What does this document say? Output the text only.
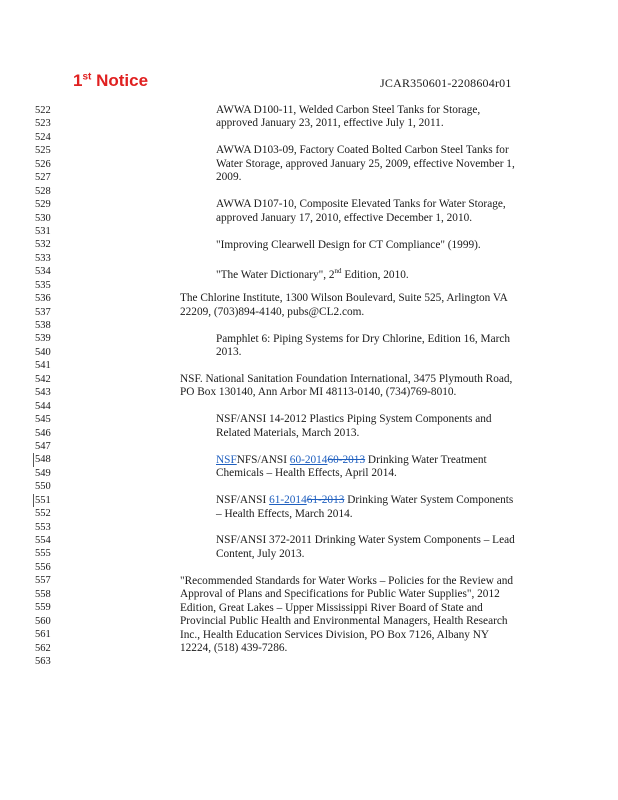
1st Notice	JCAR350601-2208604r01
522
523
524
525
526
527
528
529
530
531
532
533
534
535
536
537
538
539
540
541
542
543
544
545
546
547
548
549
550
551
552
553
554
555
556
557
558
559
560
561
562
563
AWWA D100-11, Welded Carbon Steel Tanks for Storage,
approved January 23, 2011, effective July 1, 2011.
AWWA D103-09, Factory Coated Bolted Carbon Steel Tanks for
Water Storage, approved January 25, 2009, effective November 1,
2009.
AWWA D107-10, Composite Elevated Tanks for Water Storage,
approved January 17, 2010, effective December 1, 2010.
"Improving Clearwell Design for CT Compliance" (1999).
"The Water Dictionary", 2nd Edition, 2010.
The Chlorine Institute, 1300 Wilson Boulevard, Suite 525, Arlington VA
22209, (703)894-4140, pubs@CL2.com.
Pamphlet 6: Piping Systems for Dry Chlorine, Edition 16, March
2013.
NSF. National Sanitation Foundation International, 3475 Plymouth Road,
PO Box 130140, Ann Arbor MI 48113-0140, (734)769-8010.
NSF/ANSI 14-2012 Plastics Piping System Components and
Related Materials, March 2013.
NSFNFS/ANSI 60-201460-2013 Drinking Water Treatment
Chemicals – Health Effects, April 2014.
NSF/ANSI 61-201461-2013 Drinking Water System Components
– Health Effects, March 2014.
NSF/ANSI 372-2011 Drinking Water System Components – Lead
Content, July 2013.
"Recommended Standards for Water Works – Policies for the Review and
Approval of Plans and Specifications for Public Water Supplies", 2012
Edition, Great Lakes – Upper Mississippi River Board of State and
Provincial Public Health and Environmental Managers, Health Research
Inc., Health Education Services Division, PO Box 7126, Albany NY
12224, (518) 439-7286.
